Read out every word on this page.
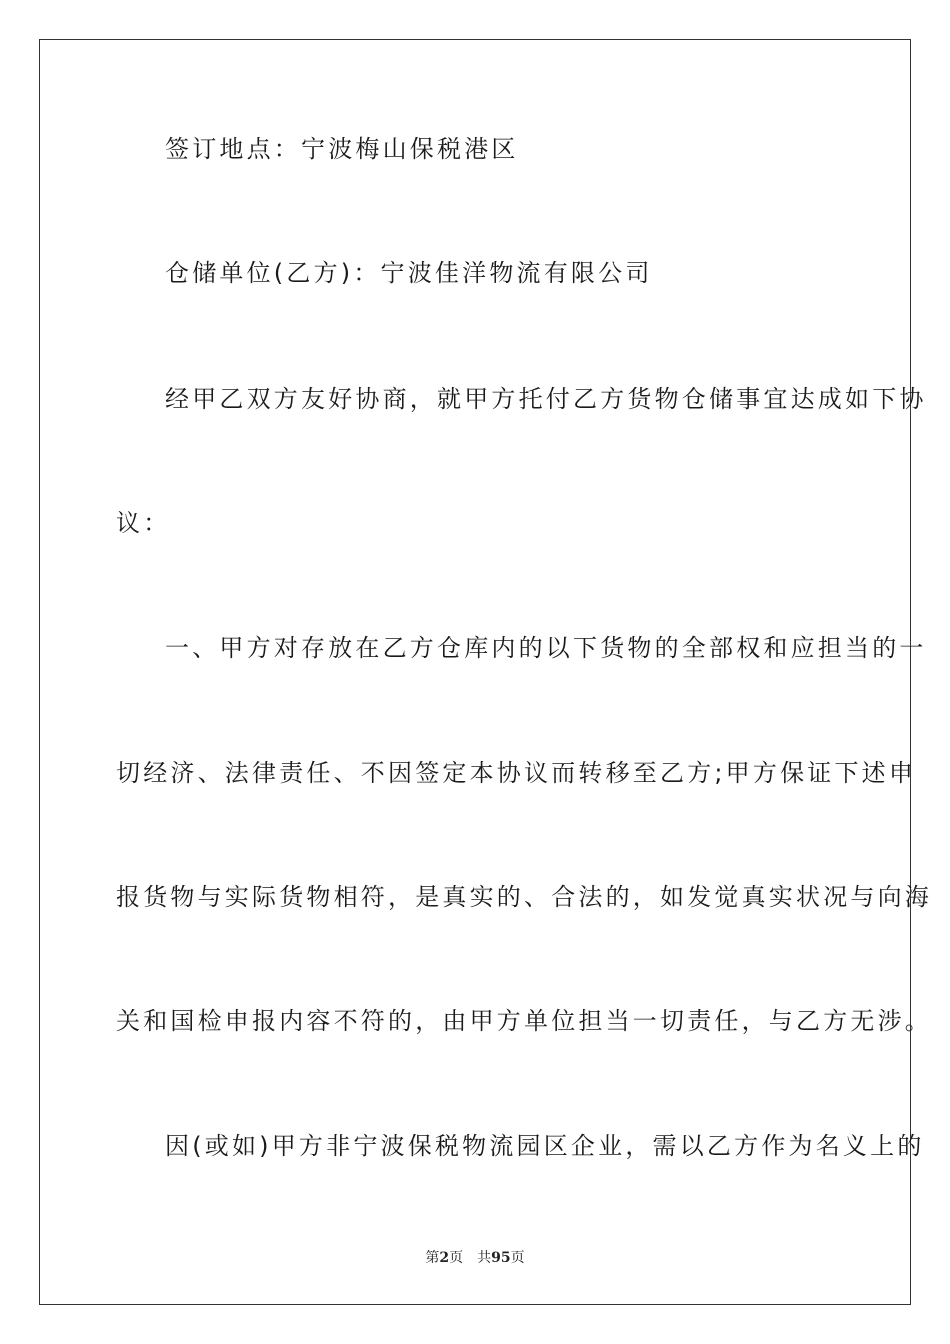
签订地点：宁波梅山保税港区
仓储单位(乙方)：宁波佳洋物流有限公司
经甲乙双方友好协商，就甲方托付乙方货物仓储事宜达成如下协
议：
一、甲方对存放在乙方仓库内的以下货物的全部权和应担当的一
切经济、法律责任、不因签定本协议而转移至乙方;甲方保证下述申
报货物与实际货物相符，是真实的、合法的，如发觉真实状况与向海
关和国检申报内容不符的，由甲方单位担当一切责任，与乙方无涉。
因(或如)甲方非宁波保税物流园区企业，需以乙方作为名义上的
第2页 共95页
